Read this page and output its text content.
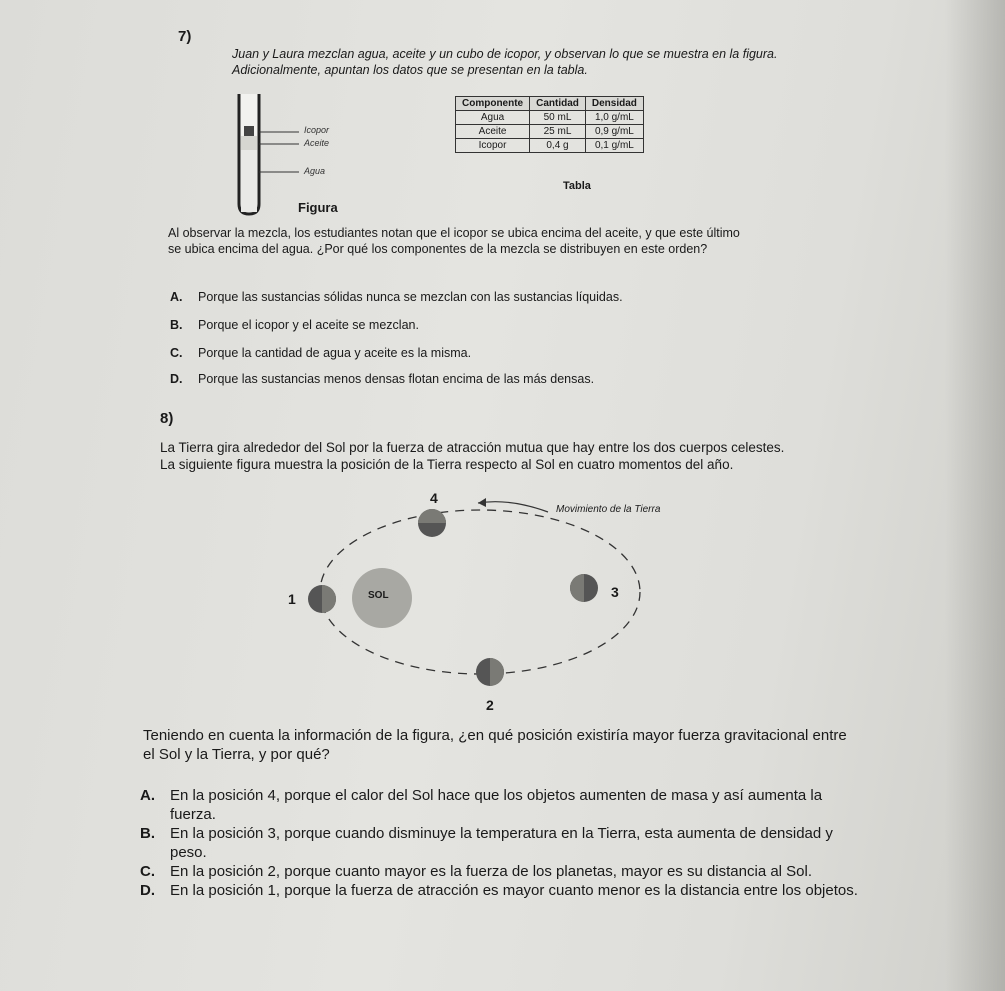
7)
Juan y Laura mezclan agua, aceite y un cubo de icopor, y observan lo que se muestra en la figura.
Adicionalmente, apuntan los datos que se presentan en la tabla.
Icopor
Aceite
Agua
Figura
Componente	Cantidad	Densidad
Agua	50 mL	1,0 g/mL
Aceite	25 mL	0,9 g/mL
Icopor	0,4 g	0,1 g/mL
Tabla
Al observar la mezcla, los estudiantes notan que el icopor se ubica encima del aceite, y que este último
se ubica encima del agua. ¿Por qué los componentes de la mezcla se distribuyen en este orden?
A. Porque las sustancias sólidas nunca se mezclan con las sustancias líquidas.
B. Porque el icopor y el aceite se mezclan.
C. Porque la cantidad de agua y aceite es la misma.
D. Porque las sustancias menos densas flotan encima de las más densas.
8)
La Tierra gira alrededor del Sol por la fuerza de atracción mutua que hay entre los dos cuerpos celestes.
La siguiente figura muestra la posición de la Tierra respecto al Sol en cuatro momentos del año.
SOL
Movimiento de la Tierra
1
2
3
4
Teniendo en cuenta la información de la figura, ¿en qué posición existiría mayor fuerza gravitacional entre
el Sol y la Tierra, y por qué?
A. En la posición 4, porque el calor del Sol hace que los objetos aumenten de masa y así aumenta la fuerza.
B. En la posición 3, porque cuando disminuye la temperatura en la Tierra, esta aumenta de densidad y peso.
C. En la posición 2, porque cuanto mayor es la fuerza de los planetas, mayor es su distancia al Sol.
D. En la posición 1, porque la fuerza de atracción es mayor cuanto menor es la distancia entre los objetos.
